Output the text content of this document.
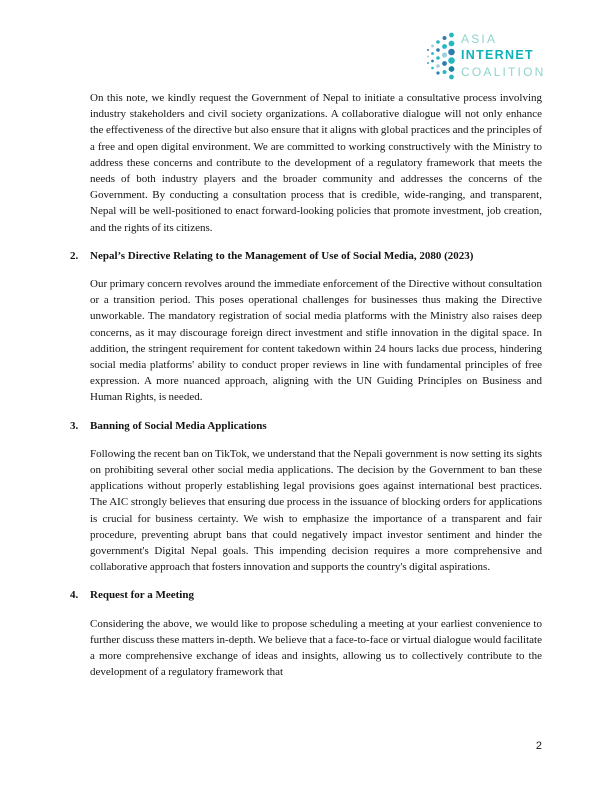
ASIA
INTERNET
COALITION

On this note, we kindly request the Government of Nepal to initiate a consultative process involving industry stakeholders and civil society organizations. A collaborative dialogue will not only enhance the effectiveness of the directive but also ensure that it aligns with global practices and the principles of a free and open digital environment. We are committed to working constructively with the Ministry to address these concerns and contribute to the development of a regulatory framework that meets the needs of both industry players and the broader community and addresses the concerns of the Government. By conducting a consultation process that is credible, wide-ranging, and transparent, Nepal will be well-positioned to enact forward-looking policies that promote investment, job creation, and the rights of its citizens.

2.	Nepal’s Directive Relating to the Management of Use of Social Media, 2080 (2023)

Our primary concern revolves around the immediate enforcement of the Directive without consultation or a transition period. This poses operational challenges for businesses thus making the Directive unworkable. The mandatory registration of social media platforms with the Ministry also raises deep concerns, as it may discourage foreign direct investment and stifle innovation in the digital space. In addition, the stringent requirement for content takedown within 24 hours lacks due process, hindering social media platforms' ability to conduct proper reviews in line with fundamental principles of free expression. A more nuanced approach, aligning with the UN Guiding Principles on Business and Human Rights, is needed.

3.	Banning of Social Media Applications

Following the recent ban on TikTok, we understand that the Nepali government is now setting its sights on prohibiting several other social media applications. The decision by the Government to ban these applications without properly establishing legal provisions goes against international best practices. The AIC strongly believes that ensuring due process in the issuance of blocking orders for applications is crucial for business certainty. We wish to emphasize the importance of a transparent and fair procedure, preventing abrupt bans that could negatively impact investor sentiment and hinder the government's Digital Nepal goals. This impending decision requires a more comprehensive and collaborative approach that fosters innovation and supports the country's digital aspirations.

4.	Request for a Meeting

Considering the above, we would like to propose scheduling a meeting at your earliest convenience to further discuss these matters in-depth. We believe that a face-to-face or virtual dialogue would facilitate a more comprehensive exchange of ideas and insights, allowing us to collectively contribute to the development of a regulatory framework that

2
